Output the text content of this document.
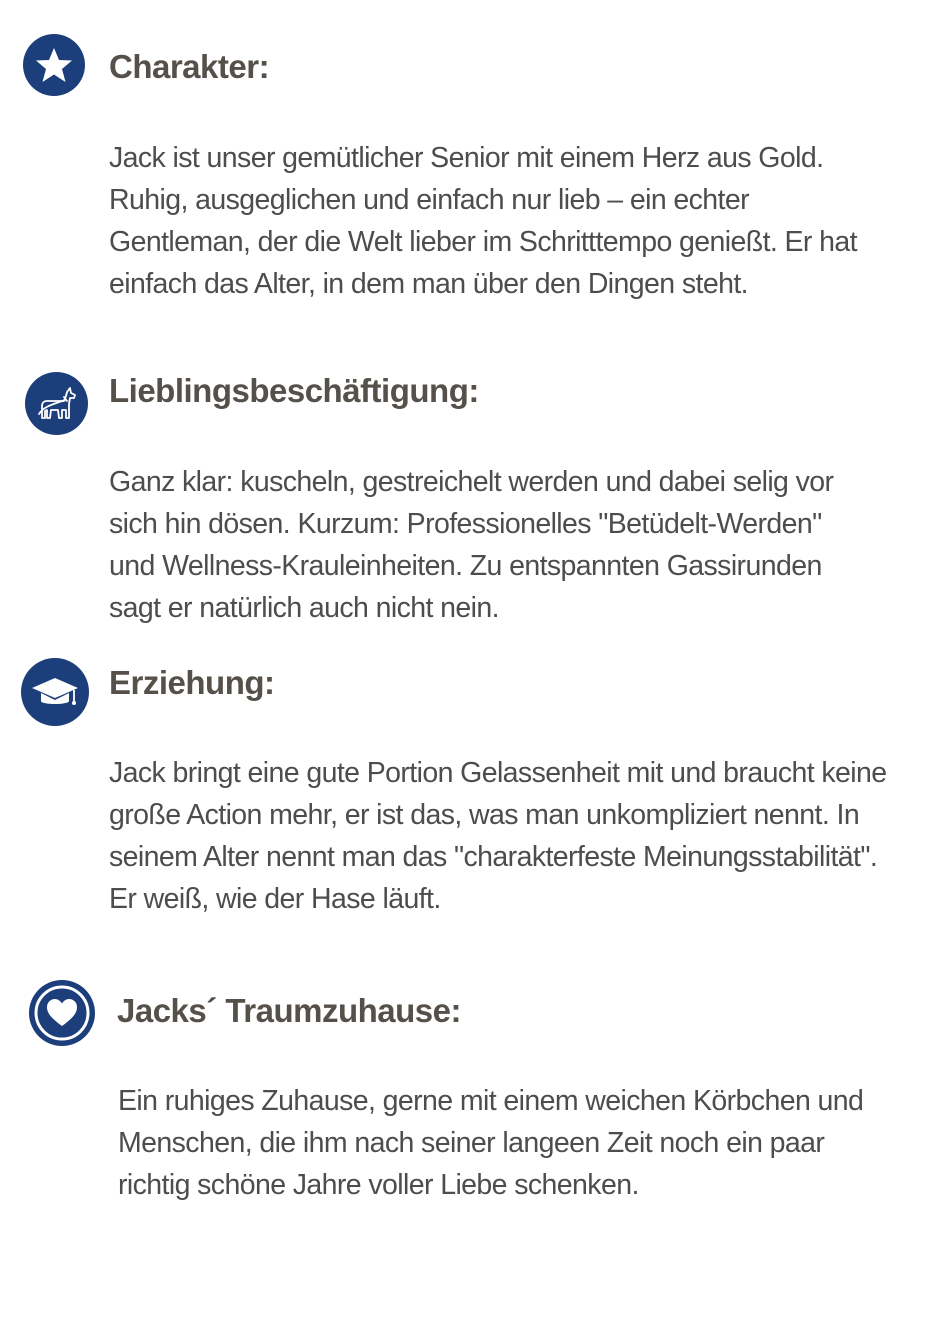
Charakter:

Jack ist unser gemütlicher Senior mit einem Herz aus Gold.
Ruhig, ausgeglichen und einfach nur lieb – ein echter
Gentleman, der die Welt lieber im Schritttempo genießt. Er hat
einfach das Alter, in dem man über den Dingen steht.

Lieblingsbeschäftigung:

Ganz klar: kuscheln, gestreichelt werden und dabei selig vor
sich hin dösen. Kurzum: Professionelles "Betüdelt-Werden"
und Wellness-Krauleinheiten. Zu entspannten Gassirunden
sagt er natürlich auch nicht nein.

Erziehung:

Jack bringt eine gute Portion Gelassenheit mit und braucht keine
große Action mehr, er ist das, was man unkompliziert nennt. In
seinem Alter nennt man das "charakterfeste Meinungsstabilität".
Er weiß, wie der Hase läuft.

Jacks´ Traumzuhause:

Ein ruhiges Zuhause, gerne mit einem weichen Körbchen und
Menschen, die ihm nach seiner langeen Zeit noch ein paar
richtig schöne Jahre voller Liebe schenken.
